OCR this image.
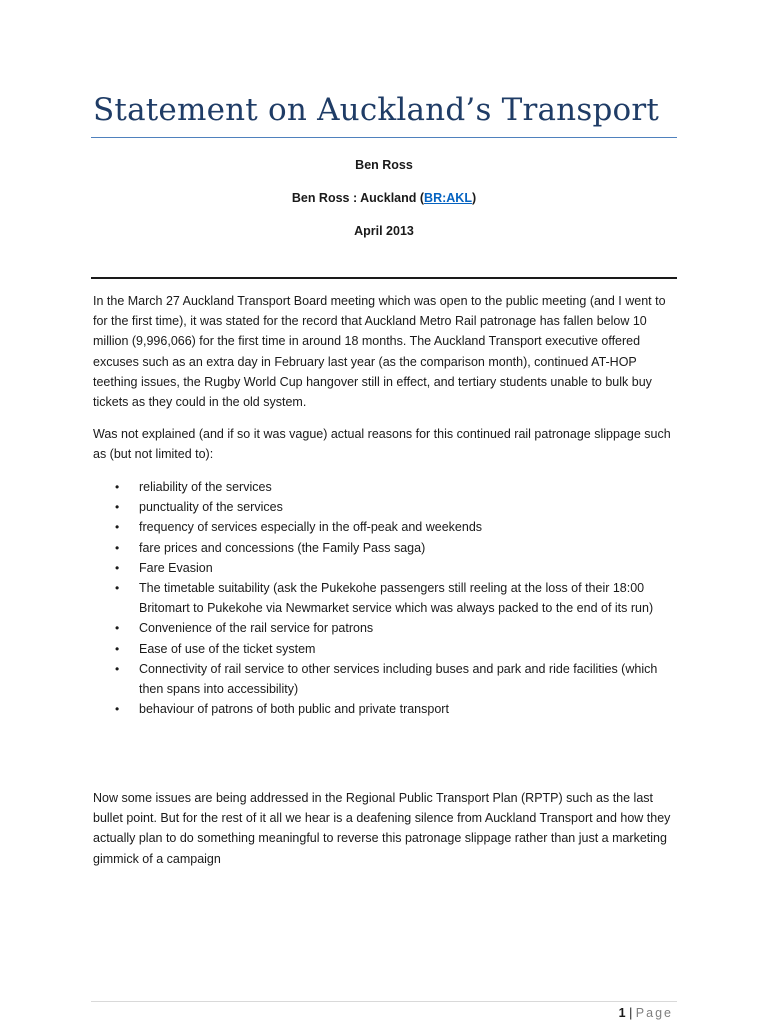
Statement on Auckland’s Transport
Ben Ross
Ben Ross : Auckland (BR:AKL)
April 2013

In the March 27 Auckland Transport Board meeting which was open to the public meeting (and I went to for the first time), it was stated for the record that Auckland Metro Rail patronage has fallen below 10 million (9,996,066) for the first time in around 18 months. The Auckland Transport executive offered excuses such as an extra day in February last year (as the comparison month), continued AT-HOP teething issues, the Rugby World Cup hangover still in effect, and tertiary students unable to bulk buy tickets as they could in the old system.

Was not explained (and if so it was vague) actual reasons for this continued rail patronage slippage such as (but not limited to):

• reliability of the services
• punctuality of the services
• frequency of services especially in the off-peak and weekends
• fare prices and concessions (the Family Pass saga)
• Fare Evasion
• The timetable suitability (ask the Pukekohe passengers still reeling at the loss of their 18:00 Britomart to Pukekohe via Newmarket service which was always packed to the end of its run)
• Convenience of the rail service for patrons
• Ease of use of the ticket system
• Connectivity of rail service to other services including buses and park and ride facilities (which then spans into accessibility)
• behaviour of patrons of both public and private transport

Now some issues are being addressed in the Regional Public Transport Plan (RPTP) such as the last bullet point. But for the rest of it all we hear is a deafening silence from Auckland Transport and how they actually plan to do something meaningful to reverse this patronage slippage rather than just a marketing gimmick of a campaign

1 | Page
